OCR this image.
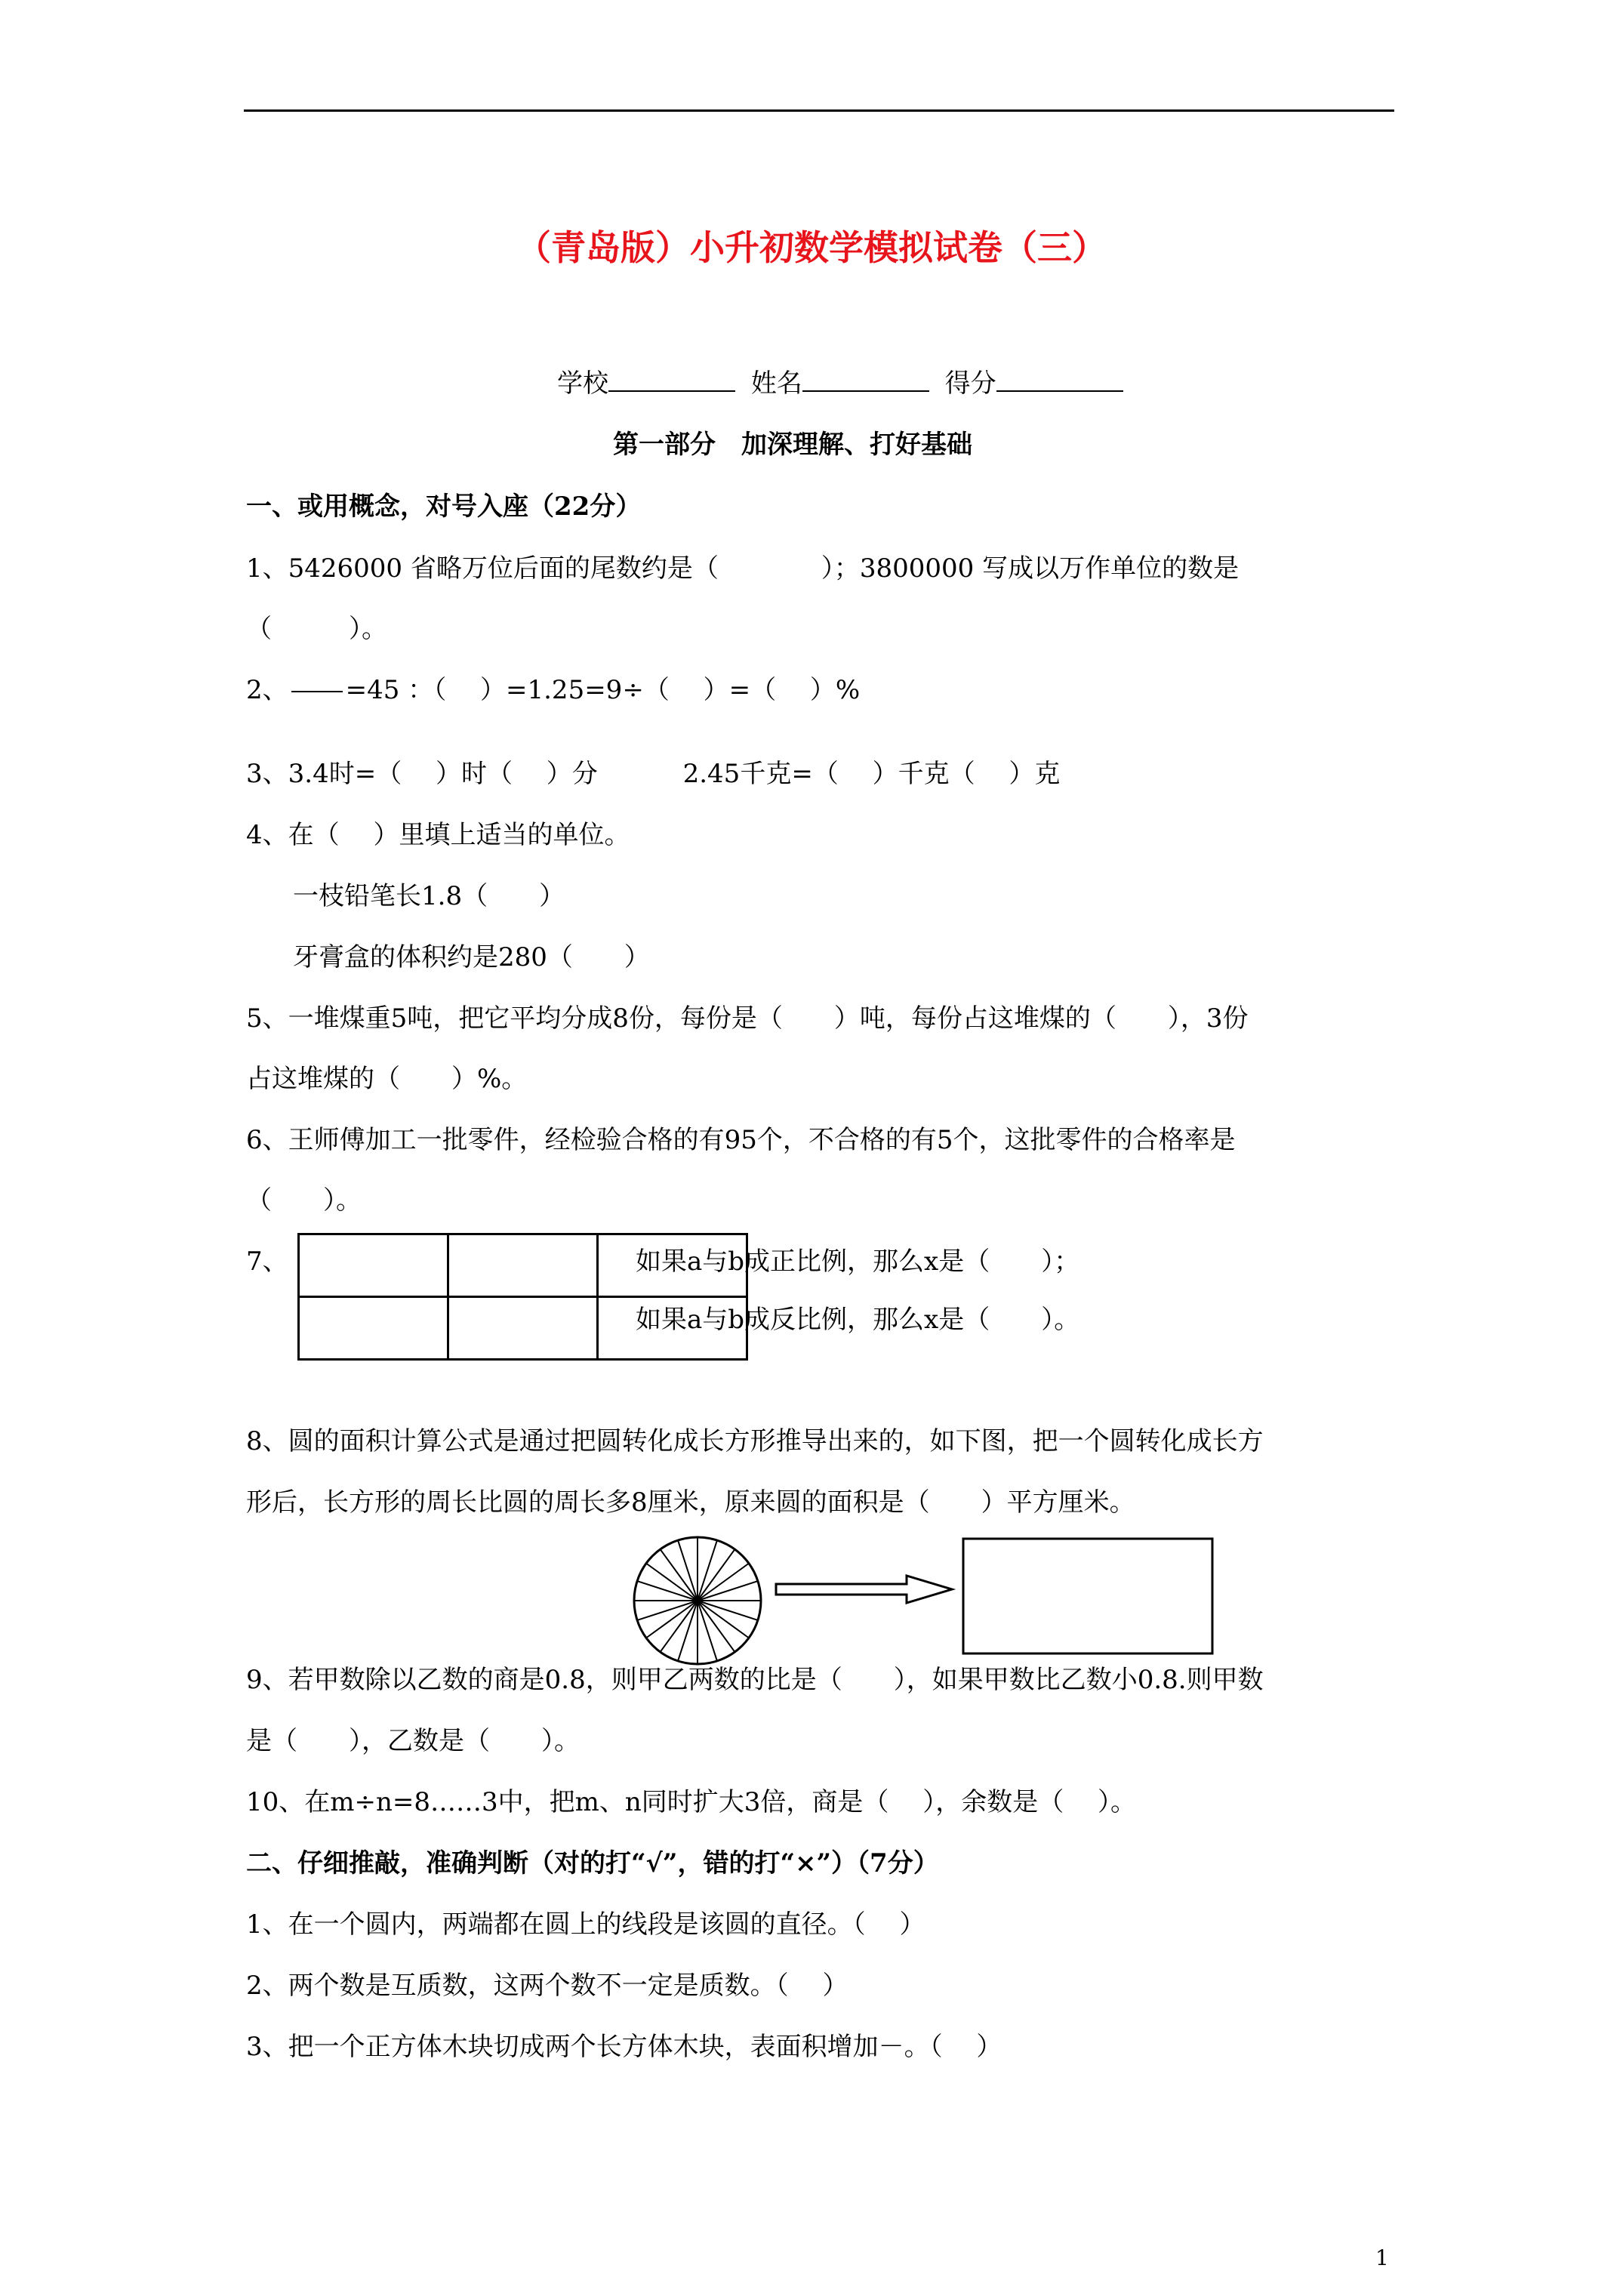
（青岛版）小升初数学模拟试卷（三）
学校	姓名	得分
第一部分　加深理解、打好基础
一、或用概念，对号入座（22分）
1、5426000 省略万位后面的尾数约是（　　　　）；3800000 写成以万作单位的数是
（　　　）。
2、 =45 ：（　 ）=1.25=9÷（　 ）=（　 ）%
3、3.4时=（　 ）时（　 ）分　　　 2.45千克=（　 ）千克（　 ）克
4、在（　 ）里填上适当的单位。
一枝铅笔长1.8（　　）
牙膏盒的体积约是280（　　）
5、一堆煤重5吨，把它平均分成8份，每份是（　　）吨，每份占这堆煤的（　　），3份
占这堆煤的（　　）%。
6、王师傅加工一批零件，经检验合格的有95个，不合格的有5个，这批零件的合格率是
（　　）。
7、

			如果a与b成正比例，那么x是（　　）；
如果a与b成反比例，那么x是（　　）。
8、圆的面积计算公式是通过把圆转化成长方形推导出来的，如下图，把一个圆转化成长方
形后，长方形的周长比圆的周长多8厘米，原来圆的面积是（　　）平方厘米。
9、若甲数除以乙数的商是0.8，则甲乙两数的比是（　　），如果甲数比乙数小0.8.则甲数
是（　　），乙数是（　　）。
10、在m÷n=8……3中，把m、n同时扩大3倍，商是（　 ），余数是（　 ）。
二、仔细推敲，准确判断（对的打“√”，错的打“×”）（7分）
1、在一个圆内，两端都在圆上的线段是该圆的直径。（　 ）
2、两个数是互质数，这两个数不一定是质数。（　 ）
3、把一个正方体木块切成两个长方体木块，表面积增加－。（　 ）
1
